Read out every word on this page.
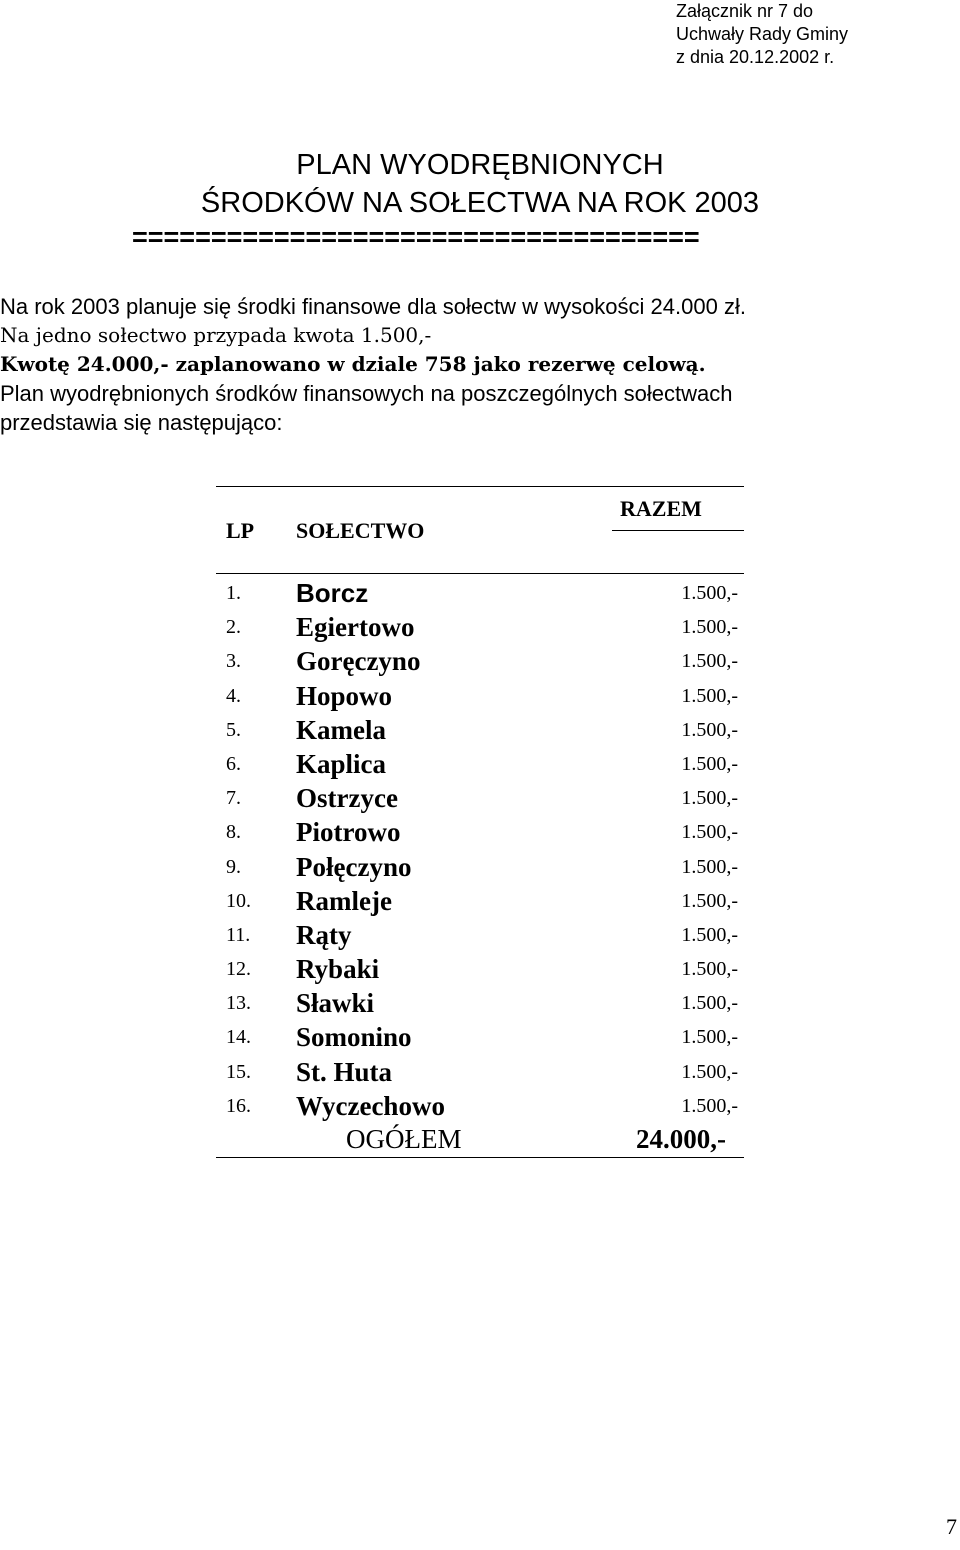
Załącznik nr 7 do
Uchwały Rady Gminy
z dnia 20.12.2002 r.
PLAN WYODRĘBNIONYCH
ŚRODKÓW NA SOŁECTWA NA ROK 2003
====================================
Na rok 2003 planuje się środki finansowe dla sołectw w wysokości 24.000 zł.
Na jedno sołectwo przypada kwota 1.500,-
Kwotę 24.000,- zaplanowano w dziale 758 jako rezerwę celową.
Plan wyodrębnionych środków finansowych na poszczególnych sołectwach
przedstawia się następująco:
LP SOŁECTWO
RAZEM
1. Borcz	1.500,-
2. Egiertowo	1.500,-
3. Goręczyno	1.500,-
4. Hopowo	1.500,-
5. Kamela	1.500,-
6. Kaplica	1.500,-
7. Ostrzyce	1.500,-
8. Piotrowo	1.500,-
9. Połęczyno	1.500,-
10. Ramleje	1.500,-
11. Rąty	1.500,-
12. Rybaki	1.500,-
13. Sławki	1.500,-
14. Somonino	1.500,-
15. St. Huta	1.500,-
16. Wyczechowo	1.500,-
OGÓŁEM	24.000,-
7
